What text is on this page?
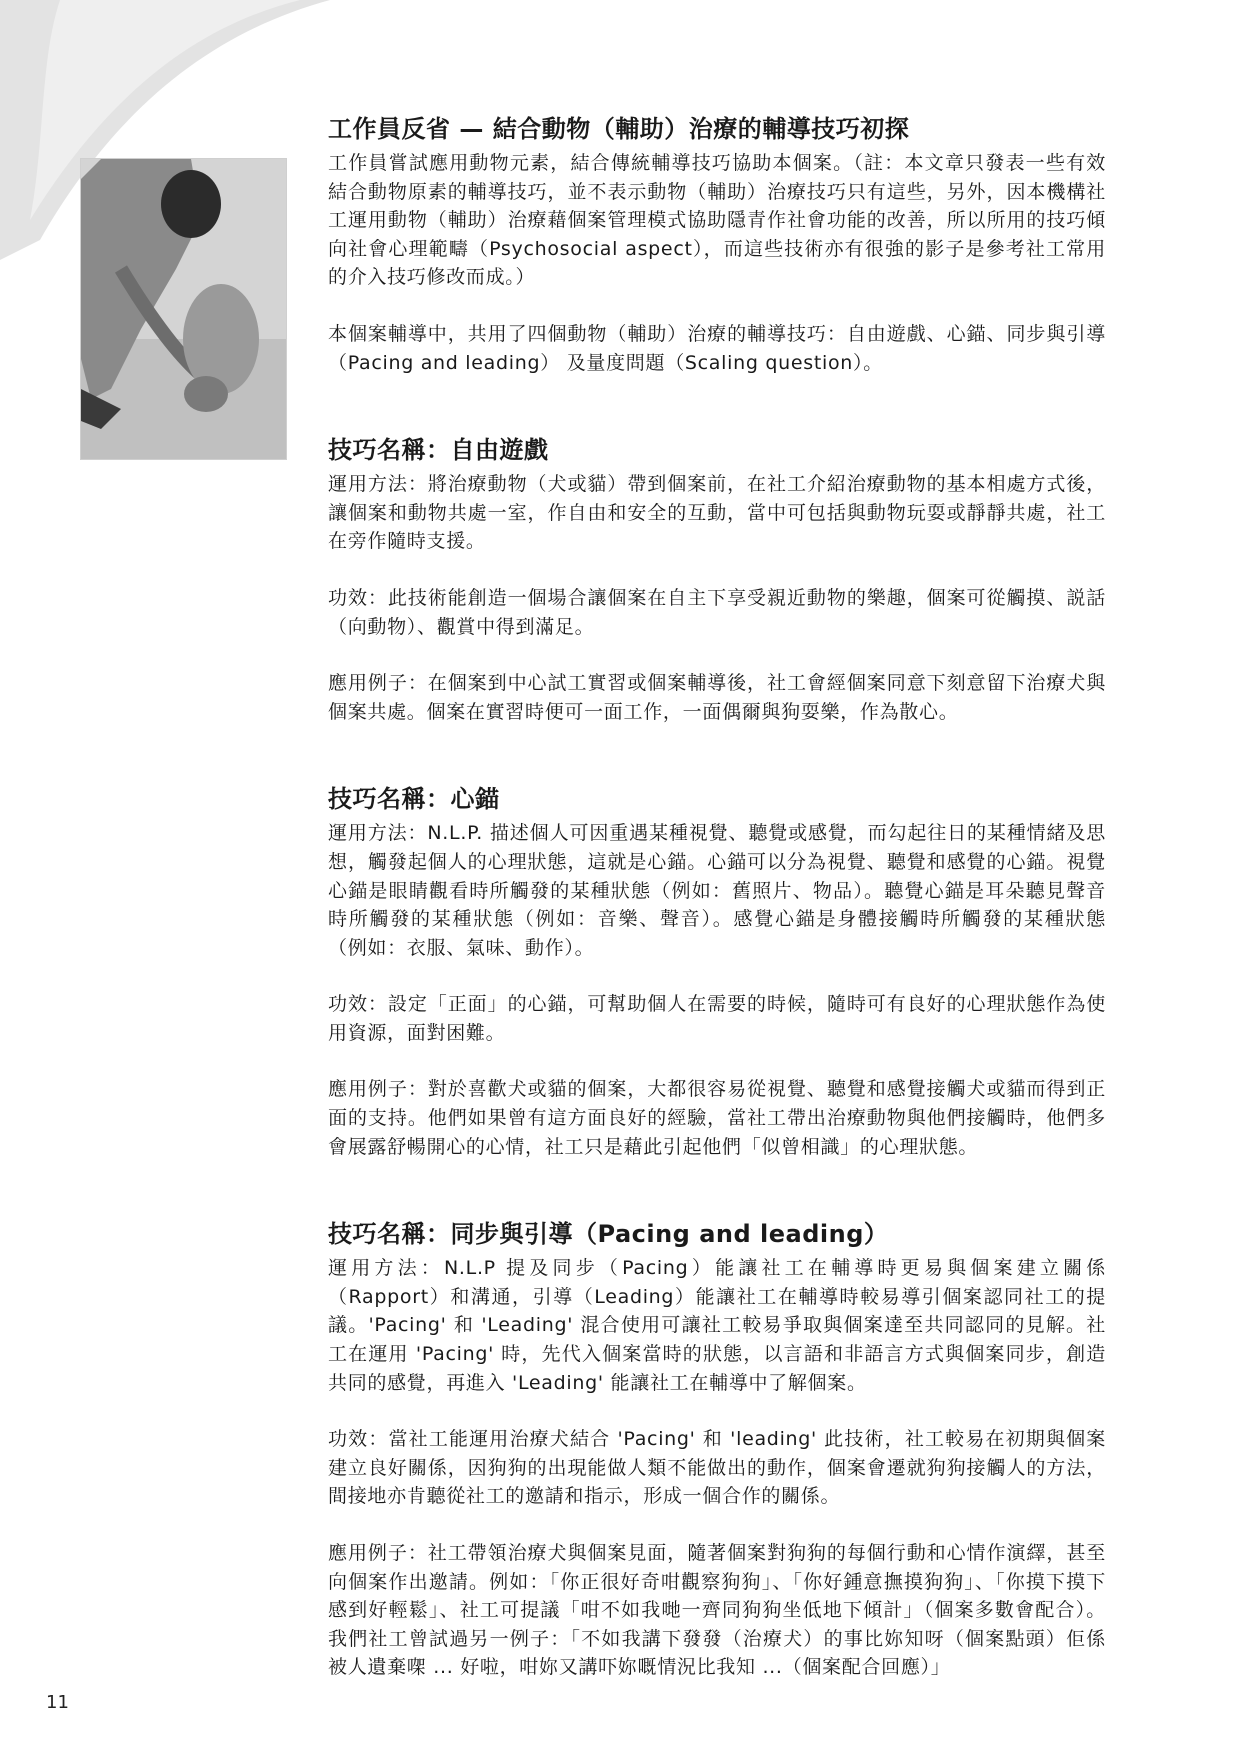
工作員反省 — 結合動物（輔助）治療的輔導技巧初探

工作員嘗試應用動物元素，結合傳統輔導技巧協助本個案。（註：本文章只發表一些有效結合動物原素的輔導技巧，並不表示動物（輔助）治療技巧只有這些，另外，因本機構社工運用動物（輔助）治療藉個案管理模式協助隱青作社會功能的改善，所以所用的技巧傾向社會心理範疇（Psychosocial aspect），而這些技術亦有很強的影子是參考社工常用的介入技巧修改而成。）

本個案輔導中，共用了四個動物（輔助）治療的輔導技巧：自由遊戲、心錨、同步與引導（Pacing and leading） 及量度問題（Scaling question）。

技巧名稱：自由遊戲

運用方法：將治療動物（犬或貓）帶到個案前，在社工介紹治療動物的基本相處方式後，讓個案和動物共處一室，作自由和安全的互動，當中可包括與動物玩耍或靜靜共處，社工在旁作隨時支援。

功效：此技術能創造一個場合讓個案在自主下享受親近動物的樂趣，個案可從觸摸、説話（向動物）、觀賞中得到滿足。

應用例子：在個案到中心試工實習或個案輔導後，社工會經個案同意下刻意留下治療犬與個案共處。個案在實習時便可一面工作，一面偶爾與狗耍樂，作為散心。

技巧名稱：心錨

運用方法：N.L.P. 描述個人可因重遇某種視覺、聽覺或感覺，而勾起往日的某種情緒及思想，觸發起個人的心理狀態，這就是心錨。心錨可以分為視覺、聽覺和感覺的心錨。視覺心錨是眼睛觀看時所觸發的某種狀態（例如：舊照片、物品）。聽覺心錨是耳朵聽見聲音時所觸發的某種狀態（例如：音樂、聲音）。感覺心錨是身體接觸時所觸發的某種狀態（例如：衣服、氣味、動作）。

功效：設定「正面」的心錨，可幫助個人在需要的時候，隨時可有良好的心理狀態作為使用資源，面對困難。

應用例子：對於喜歡犬或貓的個案，大都很容易從視覺、聽覺和感覺接觸犬或貓而得到正面的支持。他們如果曾有這方面良好的經驗，當社工帶出治療動物與他們接觸時，他們多會展露舒暢開心的心情，社工只是藉此引起他們「似曾相識」的心理狀態。

技巧名稱：同步與引導（Pacing and leading）

運用方法：N.L.P 提及同步（Pacing）能讓社工在輔導時更易與個案建立關係（Rapport）和溝通，引導（Leading）能讓社工在輔導時較易導引個案認同社工的提議。'Pacing' 和 'Leading' 混合使用可讓社工較易爭取與個案達至共同認同的見解。社工在運用 'Pacing' 時，先代入個案當時的狀態，以言語和非語言方式與個案同步，創造共同的感覺，再進入 'Leading' 能讓社工在輔導中了解個案。

功效：當社工能運用治療犬結合 'Pacing' 和 'leading' 此技術，社工較易在初期與個案建立良好關係，因狗狗的出現能做人類不能做出的動作，個案會遷就狗狗接觸人的方法，間接地亦肯聽從社工的邀請和指示，形成一個合作的關係。

應用例子：社工帶領治療犬與個案見面，隨著個案對狗狗的每個行動和心情作演繹，甚至向個案作出邀請。例如：「你正很好奇咁觀察狗狗」、「你好鍾意撫摸狗狗」、「你摸下摸下感到好輕鬆」、社工可提議「咁不如我哋一齊同狗狗坐低地下傾計」（個案多數會配合）。 我們社工曾試過另一例子：「不如我講下發發（治療犬）的事比妳知呀（個案點頭）佢係被人遺棄㗎 ... 好啦，咁妳又講吓妳嘅情況比我知 ...（個案配合回應）」

11
